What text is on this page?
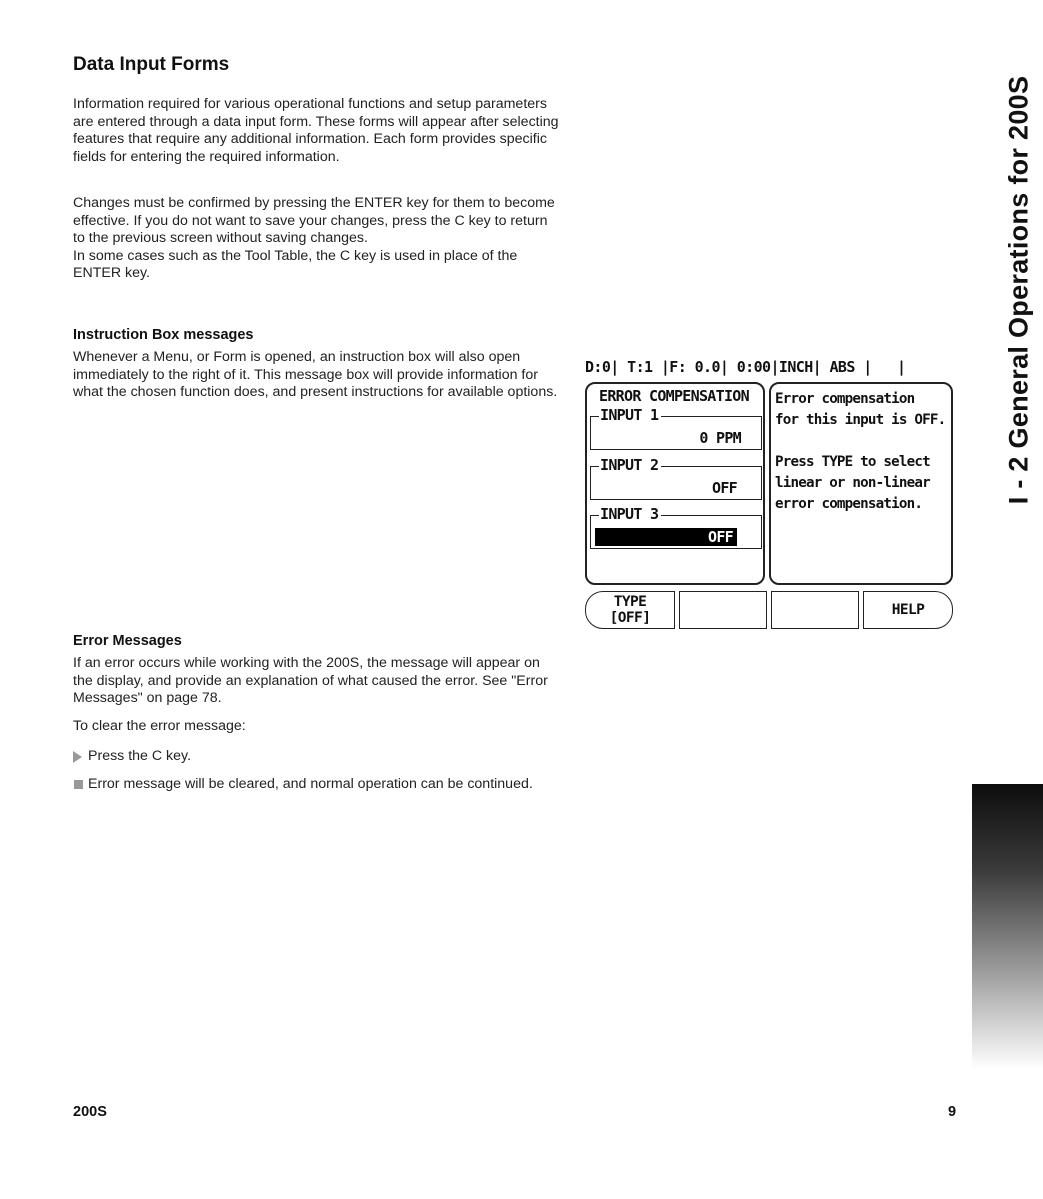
Data Input Forms

Information required for various operational functions and setup parameters are entered through a data input form. These forms will appear after selecting features that require any additional information. Each form provides specific fields for entering the required information.

Changes must be confirmed by pressing the ENTER key for them to become effective. If you do not want to save your changes, press the C key to return to the previous screen without saving changes.

In some cases such as the Tool Table, the C key is used in place of the ENTER key.

Instruction Box messages

Whenever a Menu, or Form is opened, an instruction box will also open immediately to the right of it. This message box will provide information for what the chosen function does, and present instructions for available options.

Error Messages

If an error occurs while working with the 200S, the message will appear on the display, and provide an explanation of what caused the error. See "Error Messages" on page 78.

To clear the error message:

Press the C key.
Error message will be cleared, and normal operation can be continued.
D:0| T:1 |F: 0.0| 0:00|INCH| ABS |   |
ERROR COMPENSATION
INPUT 1
0 PPM
INPUT 2
OFF
INPUT 3
OFF
Error compensation
for this input is OFF.

Press TYPE to select
linear or non-linear
error compensation.
TYPE
[OFF]	HELP
I - 2 General Operations for 200S
200S	9
